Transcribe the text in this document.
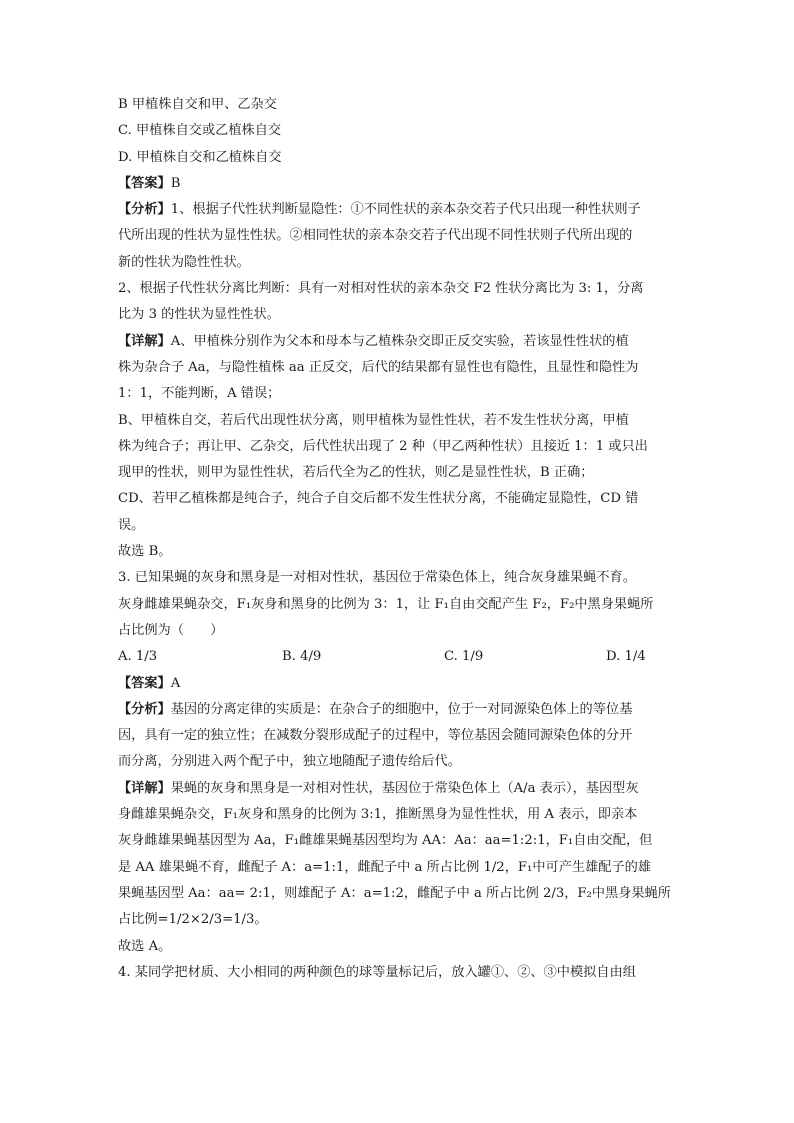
B 甲植株自交和甲、乙杂交
C. 甲植株自交或乙植株自交
D. 甲植株自交和乙植株自交
【答案】B
【分析】1、根据子代性状判断显隐性：①不同性状的亲本杂交若子代只出现一种性状则子
代所出现的性状为显性性状。②相同性状的亲本杂交若子代出现不同性状则子代所出现的
新的性状为隐性性状。
2、根据子代性状分离比判断：具有一对相对性状的亲本杂交 F2 性状分离比为 3: 1，分离
比为 3 的性状为显性性状。
【详解】A、甲植株分别作为父本和母本与乙植株杂交即正反交实验，若该显性性状的植
株为杂合子 Aa，与隐性植株 aa 正反交，后代的结果都有显性也有隐性，且显性和隐性为
1：1，不能判断，A 错误；
B、甲植株自交，若后代出现性状分离，则甲植株为显性性状，若不发生性状分离，甲植
株为纯合子；再让甲、乙杂交，后代性状出现了 2 种（甲乙两种性状）且接近 1：1 或只出
现甲的性状，则甲为显性性状，若后代全为乙的性状，则乙是显性性状，B 正确；
CD、若甲乙植株都是纯合子，纯合子自交后都不发生性状分离，不能确定显隐性，CD 错
误。
故选 B。
3. 已知果蝇的灰身和黑身是一对相对性状，基因位于常染色体上，纯合灰身雄果蝇不育。
灰身雌雄果蝇杂交，F₁灰身和黑身的比例为 3：1，让 F₁自由交配产生 F₂，F₂中黑身果蝇所
占比例为（　　）
A. 1/3	B. 4/9	C. 1/9	D. 1/4
【答案】A
【分析】基因的分离定律的实质是：在杂合子的细胞中，位于一对同源染色体上的等位基
因，具有一定的独立性；在减数分裂形成配子的过程中，等位基因会随同源染色体的分开
而分离，分别进入两个配子中，独立地随配子遗传给后代。
【详解】果蝇的灰身和黑身是一对相对性状，基因位于常染色体上（A/a 表示），基因型灰
身雌雄果蝇杂交，F₁灰身和黑身的比例为 3:1，推断黑身为显性性状，用 A 表示，即亲本
灰身雌雄果蝇基因型为 Aa，F₁雌雄果蝇基因型均为 AA：Aa：aa=1:2:1，F₁自由交配，但
是 AA 雄果蝇不育，雌配子 A：a=1:1，雌配子中 a 所占比例 1/2，F₁中可产生雄配子的雄
果蝇基因型 Aa：aa= 2:1，则雄配子 A：a=1:2，雌配子中 a 所占比例 2/3，F₂中黑身果蝇所
占比例=1/2×2/3=1/3。
故选 A。
4. 某同学把材质、大小相同的两种颜色的球等量标记后，放入罐①、②、③中模拟自由组
